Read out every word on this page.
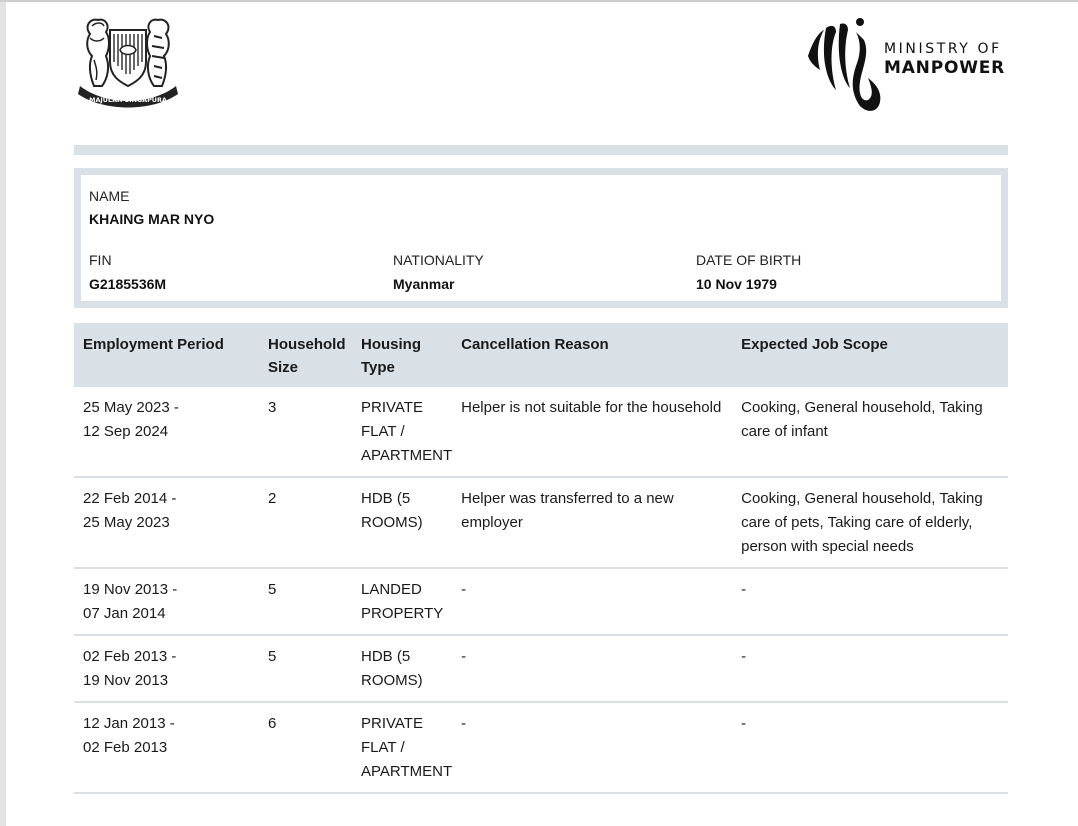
MAJULAH SINGAPURA
MINISTRY OF
MANPOWER
NAME
KHAING MAR NYO
FIN
G2185536M
NATIONALITY
Myanmar
DATE OF BIRTH
10 Nov 1979
Employment Period	Household Size	Housing Type	Cancellation Reason	Expected Job Scope
25 May 2023 -
12 Sep 2024	3	PRIVATE FLAT / APARTMENT	Helper is not suitable for the household	Cooking, General household, Taking care of infant
22 Feb 2014 -
25 May 2023	2	HDB (5 ROOMS)	Helper was transferred to a new employer	Cooking, General household, Taking care of pets, Taking care of elderly, person with special needs
19 Nov 2013 -
07 Jan 2014	5	LANDED PROPERTY	-	-
02 Feb 2013 -
19 Nov 2013	5	HDB (5 ROOMS)	-	-
12 Jan 2013 -
02 Feb 2013	6	PRIVATE FLAT / APARTMENT	-	-
